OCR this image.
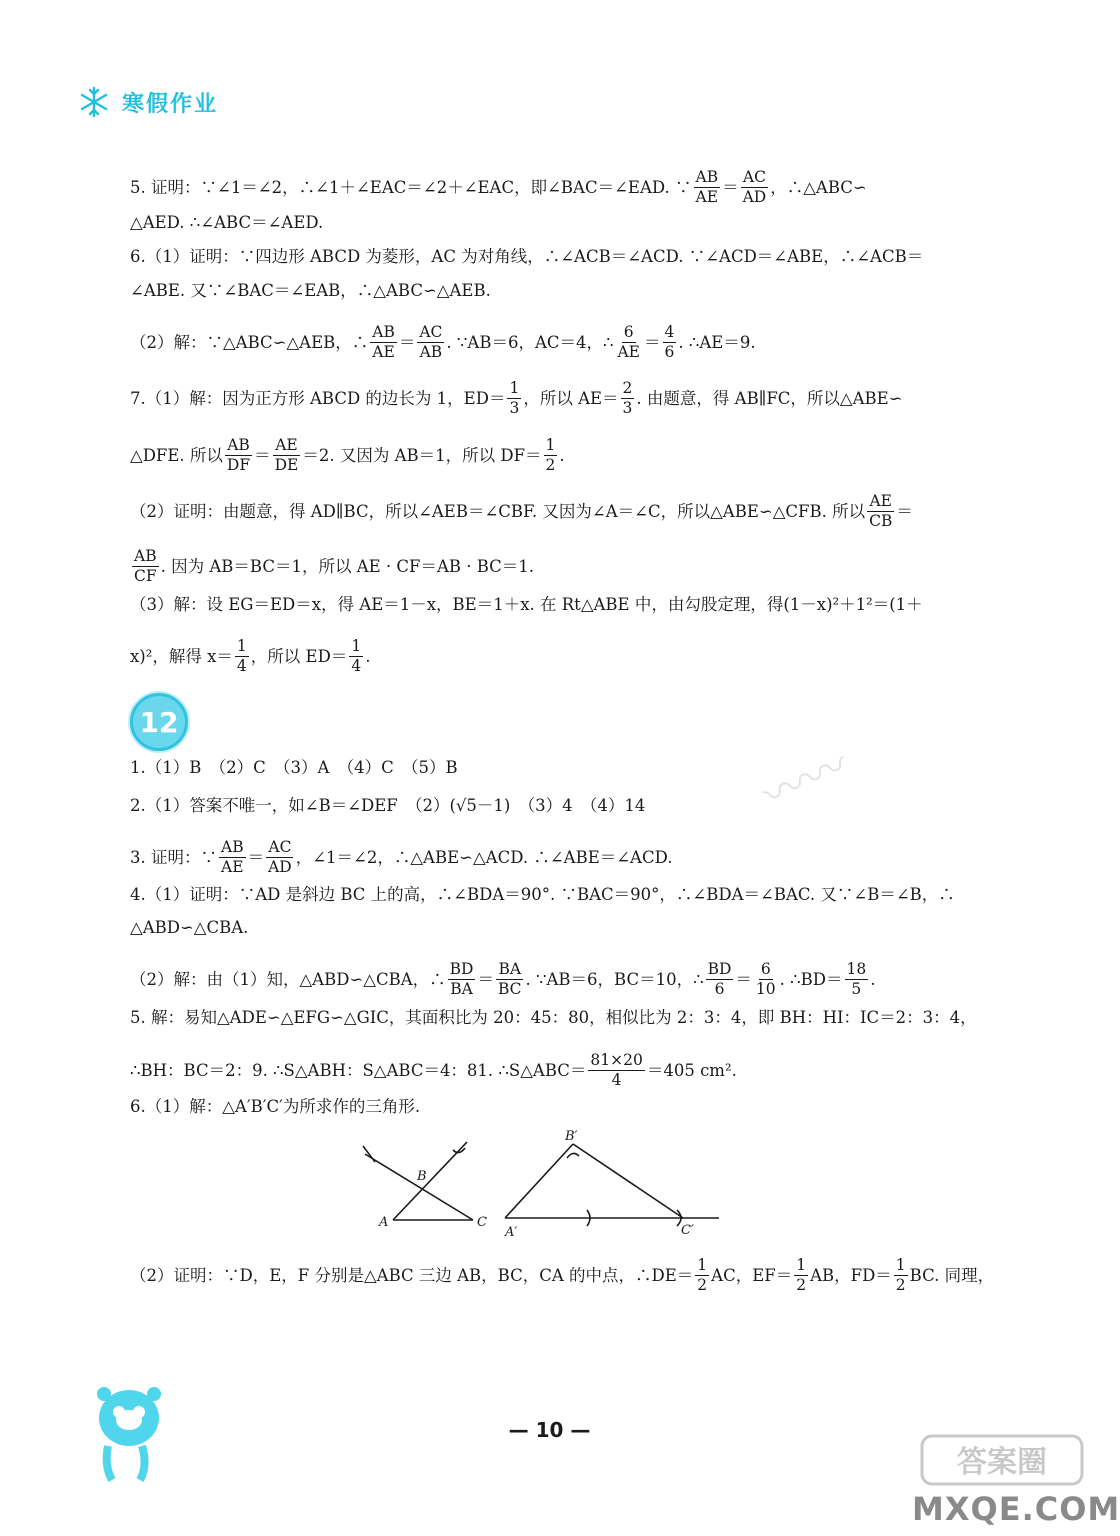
寒假作业
5. 证明：∵∠1＝∠2，∴∠1＋∠EAC＝∠2＋∠EAC，即∠BAC＝∠EAD. ∵ $\frac{AB}{AE} = \frac{AC}{AD}$ ，∴△ABC∽
△AED. ∴∠ABC＝∠AED.
6.（1）证明：∵四边形 ABCD 为菱形，AC 为对角线，∴∠ACB＝∠ACD. ∵∠ACD＝∠ABE，∴∠ACB＝
∠ABE. 又∵∠BAC＝∠EAB，∴△ABC∽△AEB.
（2）解：∵△ABC∽△AEB，∴ $\frac{AB}{AE} = \frac{AC}{AB}$ . ∵AB＝6，AC＝4，∴ $\frac{6}{AE} = \frac{4}{6}$ . ∴AE＝9.
7.（1）解：因为正方形 ABCD 的边长为 1，$ED= \frac{1}{3}$ ，所以 $AE= \frac{2}{3}$ . 由题意，得 AB∥FC，所以△ABE∽
△DFE. 所以 $\frac{AB}{DF} = \frac{AE}{DE} =2$. 又因为 AB＝1，所以 $DF= \frac{1}{2}$ .
（2）证明：由题意，得 AD∥BC，所以∠AEB＝∠CBF. 又因为∠A＝∠C，所以△ABE∽△CFB. 所以 $\frac{AE}{CB}$ ＝
$\frac{AB}{CF}$ . 因为 AB＝BC＝1，所以 AE · CF＝AB · BC＝1.
（3）解：设 EG＝ED＝x，得 AE＝1－x，BE＝1＋x. 在 Rt△ABE 中，由勾股定理，得(1－x)²＋1²＝(1＋
x)²，解得 $x= \frac{1}{4}$ ，所以 $ED= \frac{1}{4}$ .
12
1.（1）B　（2）C　（3）A　（4）C　（5）B
2.（1）答案不唯一，如∠B＝∠DEF　（2）(√5－1)　（3）4　（4）14
3. 证明：∵ $\frac{AB}{AE} = \frac{AC}{AD}$ ，∠1＝∠2，∴△ABE∽△ACD. ∴∠ABE＝∠ACD.
4.（1）证明：∵AD 是斜边 BC 上的高，∴∠BDA＝90°. ∵BAC＝90°，∴∠BDA＝∠BAC. 又∵∠B＝∠B，∴
△ABD∽△CBA.
（2）解：由（1）知，△ABD∽△CBA，∴ $\frac{BD}{BA} = \frac{BA}{BC}$ . ∵AB＝6，BC＝10，∴ $\frac{BD}{6} = \frac{6}{10}$ . ∴BD＝ $\frac{18}{5}$ .
5. 解：易知△ADE∽△EFG∽△GIC，其面积比为 20：45：80，相似比为 2：3：4，即 BH：HI：IC＝2：3：4，
∴BH：BC＝2：9. ∴S△ABH：S△ABC＝4：81. ∴S△ABC＝ $\frac{81\times 20}{4} =405$ cm².
6.（1）解：△A′B′C′为所求作的三角形.
A
B
C
A′
B′
C′
（2）证明：∵D，E，F 分别是△ABC 三边 AB，BC，CA 的中点，∴DE＝ $\frac{1}{2}$ AC，$EF= \frac{1}{2}$ AB，$FD= \frac{1}{2}$ BC. 同理，
〰〰
— 10 —
答案圈
MXQE.COM
